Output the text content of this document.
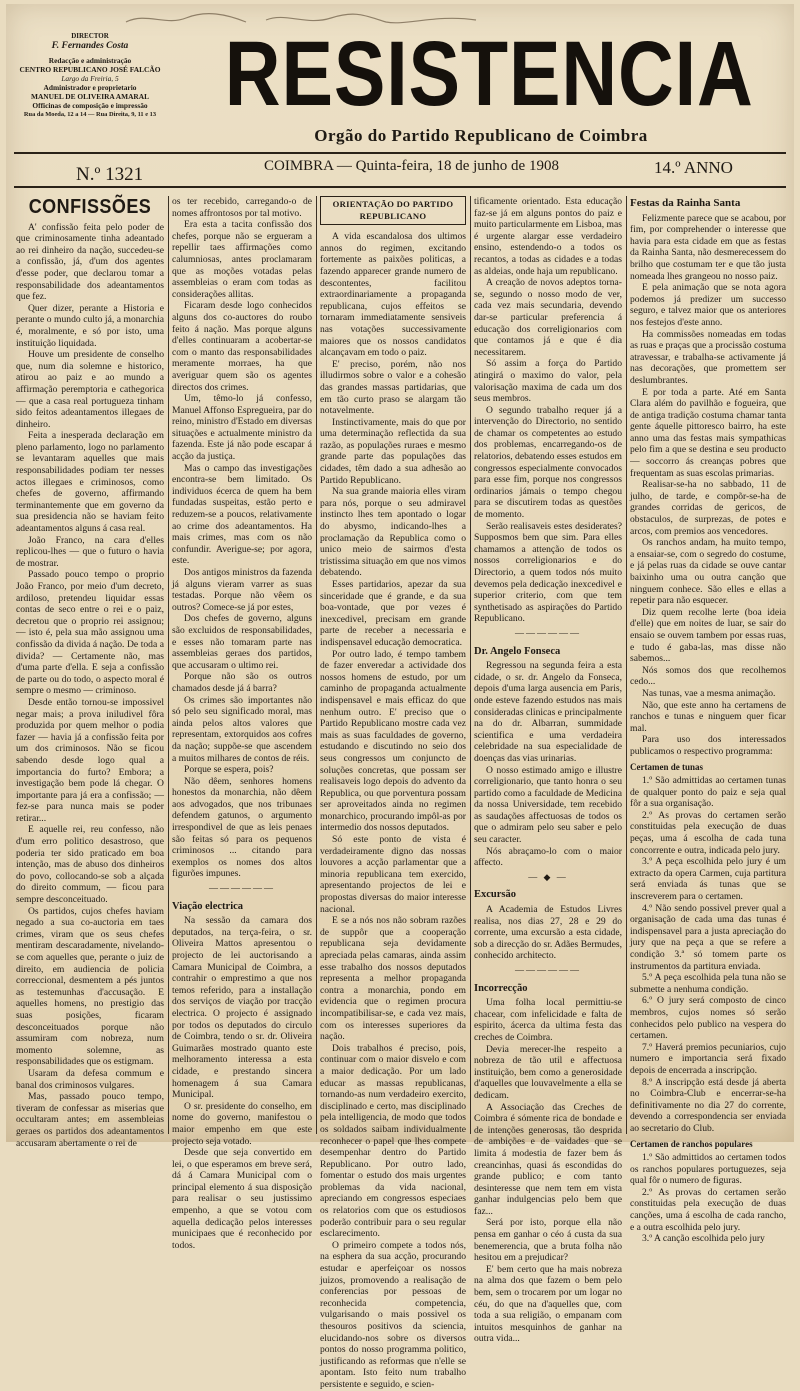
DIRECTOR
F. Fernandes Costa
Redacção e administração
CENTRO REPUBLICANO JOSÉ FALCÃO
Largo da Freiria, 5
Administrador e proprietario
MANUEL DE OLIVEIRA AMARAL
Officinas de composição e impressão
Rua da Moeda, 12 a 14 — Rua Direita, 9, 11 e 13 RESISTENCIA
Orgão do Partido Republicano de Coimbra
N.º 1321	COIMBRA — Quinta-feira, 18 de junho de 1908	14.º ANNO
CONFISSÕES

A' confissão feita pelo poder de que criminosamente tinha adeantado ao rei dinheiro da nação, succedeu-se a confissão, já, d'um dos agentes d'esse poder, que declarou tomar a responsabilidade dos adeantamentos que fez.

Quer dizer, perante a Historia e perante o mundo culto já, a monarchia é, moralmente, e só por isto, uma instituição liquidada.

Houve um presidente de conselho que, num dia solemne e historico, atirou ao paiz e ao mundo a affirmação peremptoria e cathegorica — que a casa real portugueza tinham sido feitos adeantamentos illegaes de dinheiro.

Feita a inesperada declaração em pleno parlamento, logo no parlamento se levantaram aquelles que mais responsabilidades podiam ter nesses actos illegaes e criminosos, como chefes de governo, affirmando terminantemente que em governo da sua presidencia não se haviam feito adeantamentos alguns á casa real.

João Franco, na cara d'elles replicou-lhes — que o futuro o havia de mostrar.

Passado pouco tempo o proprio João Franco, por meio d'um decreto, ardiloso, pretendeu liquidar essas contas de seco entre o rei e o paiz, decretou que o proprio rei assignou; — isto é, pela sua mão assignou uma confissão da divida á nação. De toda a divida? — Certamente não, mas d'uma parte d'ella. E seja a confissão de parte ou do todo, o aspecto moral é sempre o mesmo — criminoso.

Desde então tornou-se impossivel negar mais; a prova iniludivel fôra produzida por quem melhor o podia fazer — havia já a confissão feita por um dos criminosos. Não se ficou sabendo desde logo qual a importancia do furto? Embora; a investigação bem pode lá chegar. O importante para já era a confissão; — fez-se para nunca mais se poder retirar...

E aquelle rei, reu confesso, não d'um erro politico desastroso, que poderia ter sido praticado em boa intenção, mas de abuso dos dinheiros do povo, collocando-se sob a alçada do direito commum, — ficou para sempre desconceituado.

Os partidos, cujos chefes haviam negado a sua co-auctoria em taes crimes, viram que os seus chefes mentiram descaradamente, nivelando-se com aquelles que, perante o juiz de direito, em audiencia de policia correccional, desmentem a pés juntos as testemunhas d'accusação. E aquelles homens, no prestigio das suas posições, ficaram desconceituados porque não assumiram com nobreza, num momento solemne, as responsabilidades que os estigmam.

Usaram da defesa commum e banal dos criminosos vulgares.

Mas, passado pouco tempo, tiveram de confessar as miserias que occultaram antes; em assembleias geraes os partidos dos adeantamentos accusaram abertamente o rei de

os ter recebido, carregando-o de nomes affrontosos por tal motivo.

Era esta a tacita confissão dos chefes, porque não se ergueram a repellir taes affirmações como calumniosas, antes proclamaram que as moções votadas pelas assembleias o eram com todas as considerações allitas.

Ficaram desde logo conhecidos alguns dos co-auctores do roubo feito á nação. Mas porque alguns d'elles continuaram a acobertar-se com o manto das responsabilidades meramente morraes, ha que averiguar quem são os agentes directos dos crimes.

Um, têmo-lo já confesso, Manuel Affonso Espregueira, par do reino, ministro d'Estado em diversas situações e actualmente ministro da fazenda. Este já não pode escapar á acção da justiça.

Mas o campo das investigações encontra-se bem limitado. Os individuos écerca de quem ha bem fundadas suspeitas, estão perto e reduzem-se a poucos, relativamente ao crime dos adeantamentos. Ha mais crimes, mas com os não confundir. Averigue-se; por agora, este.

Dos antigos ministros da fazenda já alguns vieram varrer as suas testadas. Porque não vêem os outros? Comece-se já por estes,

Dos chefes de governo, alguns são excluidos de responsabilidades, e esses não tomaram parte nas assembleias geraes dos partidos, que accusaram o ultimo rei.

Porque não são os outros chamados desde já á barra?

Os crimes são importantes não só pelo seu significado moral, mas ainda pelos altos valores que representam, extorquidos aos cofres da nação; suppõe-se que ascendem a muitos milhares de contos de réis.

Porque se espera, pois?

Não dêem, senhores homens honestos da monarchia, não dêem aos advogados, que nos tribunaes defendem gatunos, o argumento irrespondivel de que as leis penaes são feitas só para os pequenos criminosos ... citando para exemplos os nomes dos altos figurões impunes.

——————
Viação electrica

Na sessão da camara dos deputados, na terça-feira, o sr. Oliveira Mattos apresentou o projecto de lei auctorisando a Camara Municipal de Coimbra, a contrahir o emprestimo a que nos temos referido, para a installação dos serviços de viação por tracção electrica. O projecto é assignado por todos os deputados do circulo de Coimbra, tendo o sr. dr. Oliveira Guimarães mostrado quanto este melhoramento interessa a esta cidade, e prestando sincera homenagem á sua Camara Municipal.

O sr. presidente do conselho, em nome do governo, manifestou o maior empenho em que este projecto seja votado.

Desde que seja convertido em lei, o que esperamos em breve será, dá á Camara Municipal com o principal elemento á sua disposição para realisar o seu justissimo empenho, a que se votou com aquella dedicação pelos interesses municipaes que é reconhecido por todos.

ORIENTAÇÃO DO PARTIDO REPUBLICANO

A vida escandalosa dos ultimos annos do regimen, excitando fortemente as paixões politicas, a fazendo apparecer grande numero de descontentes, facilitou extraordinariamente a propaganda republicana, cujos effeitos se tornaram immediatamente sensiveis nas votações successivamente maiores que os nossos candidatos alcançavam em todo o paiz.

E' preciso, porém, não nos illudirmos sobre o valor e a cohesão das grandes massas partidarias, que em tão curto praso se alargam tão notavelmente.

Instinctivamente, mais do que por uma determinação reflectida da sua razão, as populações ruraes e mesmo grande parte das populações das cidades, têm dado a sua adhesão ao Partido Republicano.

Na sua grande maioria elles viram para nós, porque o seu admiravel instincto lhes tem apontado o logar do abysmo, indicando-lhes a proclamação da Republica como o unico meio de sairmos d'esta tristissima situação em que nos vimos debatendo.

Esses partidarios, apezar da sua sinceridade que é grande, e da sua boa-vontade, que por vezes é inexcedivel, precisam em grande parte de receber a necessaria e indispensavel educação democratica.

Por outro lado, é tempo tambem de fazer enveredar a actividade dos nossos homens de estudo, por um caminho de propaganda actualmente indispensavel e mais efficaz do que nenhum outro. E' preciso que o Partido Republicano mostre cada vez mais as suas faculdades de governo, estudando e discutindo no seio dos seus congressos um conjuncto de soluções concretas, que possam ser realisaveis logo depois do advento da Republica, ou que porventura possam ser aproveitados ainda no regimen monarchico, procurando impôl-as por intermedio dos nossos deputados.

Só este ponto de vista é verdadeiramente digno das nossas louvores a acção parlamentar que a minoria republicana tem exercido, apresentando projectos de lei e propostas diversas do maior interesse nacional.

E se a nós nos não sobram razões de suppôr que a cooperação republicana seja devidamente apreciada pelas camaras, ainda assim esse trabalho dos nossos deputados representa a melhor propaganda contra a monarchia, pondo em evidencia que o regimen procura incompatibilisar-se, e cada vez mais, com os interesses superiores da nação.

Dois trabalhos é preciso, pois, continuar com o maior disvelo e com a maior dedicação. Por um lado educar as massas republicanas, tornando-as num verdadeiro exercito, disciplinado e certo, mas disciplinado pela intelligencia, de modo que todos os soldados saibam individualmente reconhecer o papel que lhes compete desempenhar dentro do Partido Republicano. Por outro lado, fomentar o estudo dos mais urgentes problemas da vida nacional, apreciando em congressos especiaes os relatorios com que os estudiosos poderão contribuir para o seu regular esclarecimento.

O primeiro compete a todos nós, na esphera da sua acção, procurando estudar e aperfeiçoar os nossos juizos, promovendo a realisação de conferencias por pessoas de reconhecida competencia, vulgarisando o mais possivel os thesouros positivos da sciencia, elucidando-nos sobre os diversos pontos do nosso programma politico, justificando as reformas que n'elle se apontam. Isto feito num trabalho persistente e seguido, e scien-

tificamente orientado. Esta educação faz-se já em alguns pontos do paiz e muito particularmente em Lisboa, mas é urgente alargar esse verdadeiro ensino, estendendo-o a todos os recantos, a todas as cidades e a todas as aldeias, onde haja um republicano.

A creação de novos adeptos torna-se, segundo o nosso modo de ver, cada vez mais secundaria, devendo dar-se particular preferencia á educação dos correligionarios com que contamos já e que é dia necessitarem.

Só assim a força do Partido atingirá o maximo do valor, pela valorisação maxima de cada um dos seus membros.

O segundo trabalho requer já a intervenção do Directorio, no sentido de chamar os competentes ao estudo dos problemas, encarregando-os de relatorios, debatendo esses estudos em congressos especialmente convocados para esse fim, porque nos congressos ordinarios jámais o tempo chegou para se discutirem todas as questões de momento.

Serão realisaveis estes desiderates? Supposmos bem que sim. Para elles chamamos a attenção de todos os nossos correligionarios e do Directorio, a quem todos nós muito devemos pela dedicação inexcedivel e superior criterio, com que tem synthetisado as aspirações do Partido Republicano.

——————
Dr. Angelo Fonseca

Regressou na segunda feira a esta cidade, o sr. dr. Angelo da Fonseca, depois d'uma larga ausencia em Paris, onde esteve fazendo estudos nas mais consideradas clinicas e principalmente na do dr. Albarran, summidade scientifica e uma verdadeira celebridade na sua especialidade de doenças das vias urinarias.

O nosso estimado amigo e illustre correligionario, que tanto honra o seu partido como a faculdade de Medicina da nossa Universidade, tem recebido as saudações affectuosas de todos os que o admiram pelo seu saber e pelo seu caracter.

Nós abraçamo-lo com o maior affecto.

— ◆ —
Excursão

A Academia de Estudos Livres realisa, nos dias 27, 28 e 29 do corrente, uma excursão a esta cidade, sob a direcção do sr. Adães Bermudes, conhecido architecto.

——————
Incorrecção

Uma folha local permittiu-se chacear, com infelicidade e falta de espirito, ácerca da ultima festa das creches de Coimbra.

Devia merecer-lhe respeito a nobreza de tão util e affectuosa instituição, bem como a generosidade d'aquelles que louvavelmente a ella se dedicam.

A Associação das Creches de Coimbra é sómente rica de bondade e de intenções generosas, tão desprida de ambições e de vaidades que se limita á modestia de fazer bem ás creancinhas, quasi ás escondidas do grande publico; e com tanto desinteresse que nem tem em vista ganhar indulgencias pelo bem que faz...

Será por isto, porque ella não pensa em ganhar o céo á custa da sua benemerencia, que a bruta folha não hesitou em a prejudicar?

E' bem certo que ha mais nobreza na alma dos que fazem o bem pelo bem, sem o trocarem por um logar no céu, do que na d'aquelles que, com toda a sua religião, o empanam com intuitos mesquinhos de ganhar na outra vida...

Festas da Rainha Santa

Felizmente parece que se acabou, por fim, por comprehender o interesse que havia para esta cidade em que as festas da Rainha Santa, não desmerecessem do brilho que costumam ter e que tão justa nomeada lhes grangeou no nosso paiz.

E pela animação que se nota agora podemos já predizer um successo seguro, e talvez maior que os anteriores nos festejos d'este anno.

Ha commissões nomeadas em todas as ruas e praças que a procissão costuma atravessar, e trabalha-se activamente já nas decorações, que promettem ser deslumbrantes.

E por toda a parte. Até em Santa Clara além do pavilhão e fogueira, que de antiga tradição costuma chamar tanta gente áquelle pittoresco bairro, ha este anno uma das festas mais sympathicas pelo fim a que se destina e seu producto — soccorro ás creanças pobres que frequentam as suas escolas primarias.

Realisar-se-ha no sabbado, 11 de julho, de tarde, e compõr-se-ha de grandes corridas de gericos, de obstaculos, de surprezas, de potes e arcos, com premios aos vencedores.

Os ranchos andam, ha muito tempo, a ensaiar-se, com o segredo do costume, e já pelas ruas da cidade se ouve cantar baixinho uma ou outra canção que ninguem conhece. São elles e ellas a repetir para não esquecer.

Diz quem recolhe lerte (boa ideia d'elle) que em noites de luar, se sair do ensaio se ouvem tambem por essas ruas, e tudo é gaba-las, mas disse não sabemos...

Nós somos dos que recolhemos cedo...

Nas tunas, vae a mesma animação.

Não, que este anno ha certamens de ranchos e tunas e ninguem quer ficar mal.

Para uso dos interessados publicamos o respectivo programma:

Certamen de tunas

1.º São admittidas ao certamen tunas de qualquer ponto do paiz e seja qual fôr a sua organisação.

2.º As provas do certamen serão constituidas pela execução de duas peças, uma á escolha de cada tuna concorrente e outra, indicada pelo jury.

3.º A peça escolhida pelo jury é um extracto da opera Carmen, cuja partitura será enviada ás tunas que se inscreverem para o certamen.

4.º Não sendo possivel prever qual a organisação de cada uma das tunas é indispensavel para a justa apreciação do jury que na peça a que se refere a condição 3.ª só tomem parte os instrumentos da partitura enviada.

5.º A peça escolhida pela tuna não se submette a nenhuma condição.

6.º O jury será composto de cinco membros, cujos nomes só serão conhecidos pelo publico na vespera do certamen.

7.º Haverá premios pecuniarios, cujo numero e importancia será fixado depois de encerrada a inscripção.

8.º A inscripção está desde já aberta no Coimbra-Club e encerrar-se-ha definitivamente no dia 27 do corrente, devendo a correspondencia ser enviada ao secretario do Club.

Certamen de ranchos populares

1.º São admittidos ao certamen todos os ranchos populares portuguezes, seja qual fôr o numero de figuras.

2.º As provas do certamen serão constituidas pela execução de duas canções, uma á escolha de cada rancho, e a outra escolhida pelo jury.

3.º A canção escolhida pelo jury
